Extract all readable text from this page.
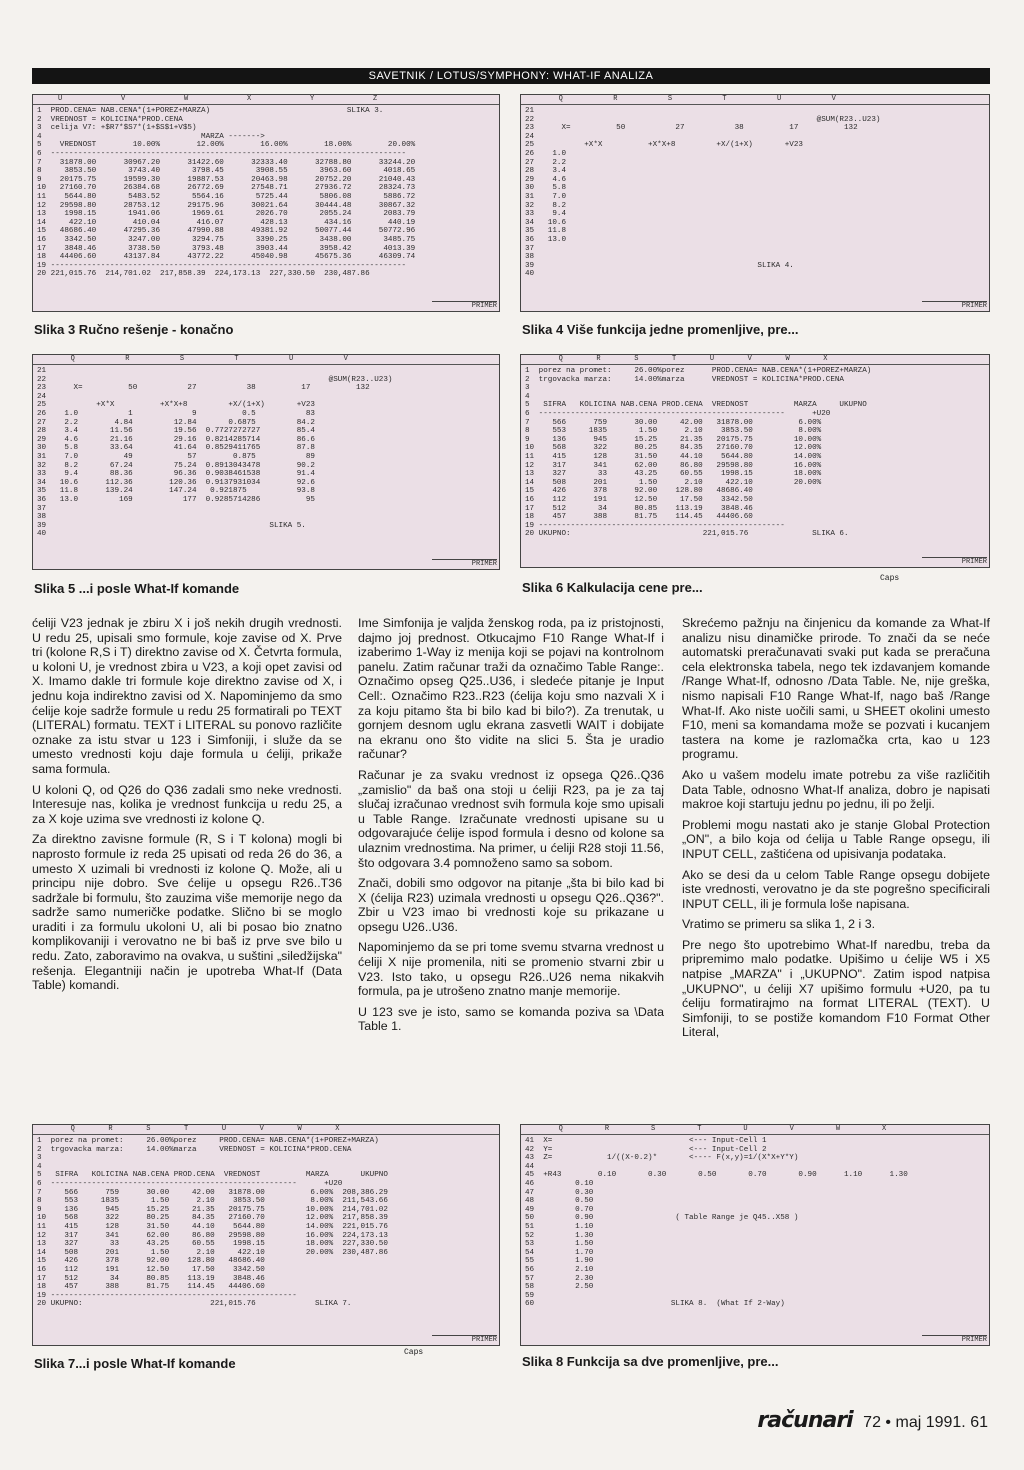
SAVETNIK / LOTUS/SYMPHONY: WHAT-IF ANALIZA
U              V              W              X              Y              Z
1  PROD.CENA= NAB.CENA*(1+POREZ+MARZA)                              SLIKA 3.
2  VREDNOST = KOLICINA*PROD.CENA
3  celija V7: +$R7*$S7*(1+$S$1+V$5)
4                                   MARZA ------->
5    VREDNOST        10.00%        12.00%        16.00%        18.00%        20.00%
6  ------------------------------------------------------------------------------
7    31878.00      30967.20      31422.60      32333.40      32788.80      33244.20
8     3853.50       3743.40       3798.45       3908.55       3963.60       4018.65
9    20175.75      19599.30      19887.53      20463.98      20752.20      21040.43
10   27160.70      26384.68      26772.69      27548.71      27936.72      28324.73
11    5644.80       5483.52       5564.16       5725.44       5806.08       5886.72
12   29598.80      28753.12      29175.96      30021.64      30444.48      30867.32
13    1998.15       1941.06       1969.61       2026.70       2055.24       2083.79
14     422.10        410.04        416.07        428.13        434.16        440.19
15   48686.40      47295.36      47990.88      49381.92      50077.44      50772.96
16    3342.50       3247.00       3294.75       3390.25       3438.00       3485.75
17    3848.46       3738.50       3793.48       3903.44       3958.42       4013.39
18   44406.60      43137.84      43772.22      45040.98      45675.36      46309.74
19 ------------------------------------------------------------------------------
20 221,015.76  214,701.02  217,858.39  224,173.13  227,330.50  230,487.86
PRIMER
Q            R            S            T            U            V
21
22                                                              @SUM(R23..U23)
23      X=          50           27           38          17          132
24
25           +X*X          +X*X+8         +X/(1+X)       +V23
26    1.0
27    2.2
28    3.4
29    4.6
30    5.8
31    7.0
32    8.2
33    9.4
34   10.6
35   11.8
36   13.0
37
38
39                                                 SLIKA 4.
40
PRIMER
Slika 3 Ručno rešenje - konačno	Slika 4 Više funkcija jedne promenljive, pre...
Q            R            S            T            U            V
21
22                                                              @SUM(R23..U23)
23      X=          50           27           38          17          132
24
25           +X*X          +X*X+8         +X/(1+X)       +V23
26    1.0           1             9          0.5           83
27    2.2        4.84         12.84       0.6875         84.2
28    3.4       11.56         19.56  0.7727272727        85.4
29    4.6       21.16         29.16  0.8214285714        86.6
30    5.8       33.64         41.64  0.8529411765        87.8
31    7.0          49            57        0.875           89
32    8.2       67.24         75.24  0.8913043478        90.2
33    9.4       88.36         96.36  0.9038461538        91.4
34   10.6      112.36        120.36  0.9137931034        92.6
35   11.8      139.24        147.24   0.921875           93.8
36   13.0         169           177  0.9285714286          95
37
38
39                                                 SLIKA 5.
40
PRIMER
Q        R        S        T        U        V        W        X
1  porez na promet:     26.00%porez      PROD.CENA= NAB.CENA*(1+POREZ+MARZA)
2  trgovacka marza:     14.00%marza      VREDNOST = KOLICINA*PROD.CENA
3
4
5   SIFRA   KOLICINA NAB.CENA PROD.CENA  VREDNOST          MARZA     UKUPNO
6  ------------------------------------------------------      +U20
7     566      759      30.00     42.00   31878.00          6.00%
8     553     1835       1.50      2.10    3853.50          8.00%
9     136      945      15.25     21.35   20175.75         10.00%
10    568      322      80.25     84.35   27160.70         12.00%
11    415      128      31.50     44.10    5644.80         14.00%
12    317      341      62.00     86.80   29598.80         16.00%
13    327       33      43.25     60.55    1998.15         18.00%
14    508      201       1.50      2.10     422.10         20.00%
15    426      378      92.00    128.80   48686.40
16    112      191      12.50     17.50    3342.50
17    512       34      80.85    113.19    3848.46
18    457      388      81.75    114.45   44406.60
19 ------------------------------------------------------
20 UKUPNO:                             221,015.76              SLIKA 6.
PRIMER
Caps
Slika 5 ...i posle What-If komande	Slika 6 Kalkulacija cene pre...

ćeliji V23 jednak je zbiru X i još nekih drugih vrednosti. U redu 25, upisali smo formule, koje zavise od X. Prve tri (kolone R,S i T) direktno zavise od X. Četvrta formula, u koloni U, je vrednost zbira u V23, a koji opet zavisi od X. Imamo dakle tri formule koje direktno zavise od X, i jednu koja indirektno zavisi od X. Napominjemo da smo ćelije koje sadrže formule u redu 25 formatirali po TEXT (LITERAL) formatu. TEXT i LITERAL su ponovo različite oznake za istu stvar u 123 i Simfoniji, i služe da se umesto vrednosti koju daje formula u ćeliji, prikaže sama formula.

U koloni Q, od Q26 do Q36 zadali smo neke vrednosti. Interesuje nas, kolika je vrednost funkcija u redu 25, a za X koje uzima sve vrednosti iz kolone Q.

Za direktno zavisne formule (R, S i T kolona) mogli bi naprosto formule iz reda 25 upisati od reda 26 do 36, a umesto X uzimali bi vrednosti iz kolone Q. Može, ali u principu nije dobro. Sve ćelije u opsegu R26..T36 sadržale bi formulu, što zauzima više memorije nego da sadrže samo numeričke podatke. Slično bi se moglo uraditi i za formulu ukoloni U, ali bi posao bio znatno komplikovaniji i verovatno ne bi baš iz prve sve bilo u redu. Zato, zaboravimo na ovakva, u suštini „siledžijska" rešenja. Elegantniji način je upotreba What-If (Data Table) komandi.

Ime Simfonija je valjda ženskog roda, pa iz pristojnosti, dajmo joj prednost. Otkucajmo F10 Range What-If i izaberimo 1-Way iz menija koji se pojavi na kontrolnom panelu. Zatim računar traži da označimo Table Range:. Označimo opseg Q25..U36, i sledeće pitanje je Input Cell:. Označimo R23..R23 (ćelija koju smo nazvali X i za koju pitamo šta bi bilo kad bi bilo?). Za trenutak, u gornjem desnom uglu ekrana zasvetli WAIT i dobijate na ekranu ono što vidite na slici 5. Šta je uradio računar?

Računar je za svaku vrednost iz opsega Q26..Q36 „zamislio" da baš ona stoji u ćeliji R23, pa je za taj slučaj izračunao vrednost svih formula koje smo upisali u Table Range. Izračunate vrednosti upisane su u odgovarajuće ćelije ispod formula i desno od kolone sa ulaznim vrednostima. Na primer, u ćeliji R28 stoji 11.56, što odgovara 3.4 pomnoženo samo sa sobom.

Znači, dobili smo odgovor na pitanje „šta bi bilo kad bi X (ćelija R23) uzimala vrednosti u opsegu Q26..Q36?". Zbir u V23 imao bi vrednosti koje su prikazane u opsegu U26..U36.

Napominjemo da se pri tome svemu stvarna vrednost u ćeliji X nije promenila, niti se promenio stvarni zbir u V23. Isto tako, u opsegu R26..U26 nema nikakvih formula, pa je utrošeno znatno manje memorije.

U 123 sve je isto, samo se komanda poziva sa \Data Table 1.

Skrećemo pažnju na činjenicu da komande za What-If analizu nisu dinamičke prirode. To znači da se neće automatski preračunavati svaki put kada se preračuna cela elektronska tabela, nego tek izdavanjem komande /Range What-If, odnosno /Data Table. Ne, nije greška, nismo napisali F10 Range What-If, nago baš /Range What-If. Ako niste uočili sami, u SHEET okolini umesto F10, meni sa komandama može se pozvati i kucanjem tastera na kome je razlomačka crta, kao u 123 programu.

Ako u vašem modelu imate potrebu za više različitih Data Table, odnosno What-If analiza, dobro je napisati makroe koji startuju jednu po jednu, ili po želji.

Problemi mogu nastati ako je stanje Global Protection „ON", a bilo koja od ćelija u Table Range opsegu, ili INPUT CELL, zaštićena od upisivanja podataka.

Ako se desi da u celom Table Range opsegu dobijete iste vrednosti, verovatno je da ste pogrešno specificirali INPUT CELL, ili je formula loše napisana.

Vratimo se primeru sa slika 1, 2 i 3.

Pre nego što upotrebimo What-If naredbu, treba da pripremimo malo podatke. Upišimo u ćelije W5 i X5 natpise „MARZA" i „UKUPNO". Zatim ispod natpisa „UKUPNO", u ćeliji X7 upišimo formulu +U20, pa tu ćeliju formatirajmo na format LITERAL (TEXT). U Simfoniji, to se postiže komandom F10 Format Other Literal,

Q        R        S        T        U        V        W        X
1  porez na promet:     26.00%porez     PROD.CENA= NAB.CENA*(1+POREZ+MARZA)
2  trgovacka marza:     14.00%marza     VREDNOST = KOLICINA*PROD.CENA
3
4
5   SIFRA   KOLICINA NAB.CENA PROD.CENA  VREDNOST          MARZA       UKUPNO
6  ------------------------------------------------------      +U20
7     566      759      30.00     42.00   31878.00          6.00%  208,386.29
8     553     1835       1.50      2.10    3853.50          8.00%  211,543.66
9     136      945      15.25     21.35   20175.75         10.00%  214,701.02
10    568      322      80.25     84.35   27160.70         12.00%  217,858.39
11    415      128      31.50     44.10    5644.80         14.00%  221,015.76
12    317      341      62.00     86.80   29598.80         16.00%  224,173.13
13    327       33      43.25     60.55    1998.15         18.00%  227,330.50
14    508      201       1.50      2.10     422.10         20.00%  230,487.86
15    426      378      92.00    128.80   48686.40
16    112      191      12.50     17.50    3342.50
17    512       34      80.85    113.19    3848.46
18    457      388      81.75    114.45   44406.60
19 ------------------------------------------------------
20 UKUPNO:                            221,015.76             SLIKA 7.
PRIMER
Caps
Q          R          S          T          U          V          W          X
41  X=                              <--- Input-Cell 1
42  Y=                              <--- Input-Cell 2
43  Z=            1/((X-0.2)*       <---- F(x,y)=1/(X*X+Y*Y)
44
45  +R43        0.10       0.30       0.50       0.70       0.90      1.10      1.30
46         0.10
47         0.30
48         0.50
49         0.70
50         0.90                  ( Table Range je Q45..X58 )
51         1.10
52         1.30
53         1.50
54         1.70
55         1.90
56         2.10
57         2.30
58         2.50
59
60                              SLIKA 8.  (What If 2-Way)
PRIMER
Slika 7...i posle What-If komande	Slika 8 Funkcija sa dve promenljive, pre...
računari 72 • maj 1991. 61
